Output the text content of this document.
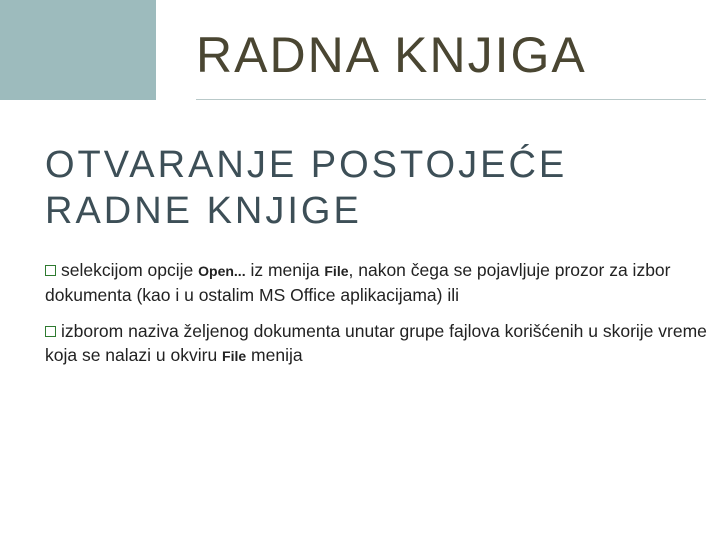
RADNA KNJIGA
OTVARANJE POSTOJEĆE
RADNE KNJIGE
selekcijom opcije Open... iz menija File, nakon čega se pojavljuje prozor za izbor dokumenta (kao i u ostalim MS Office aplikacijama) ili
izborom naziva željenog dokumenta unutar grupe fajlova korišćenih u skorije vreme koja se nalazi u okviru File menija
